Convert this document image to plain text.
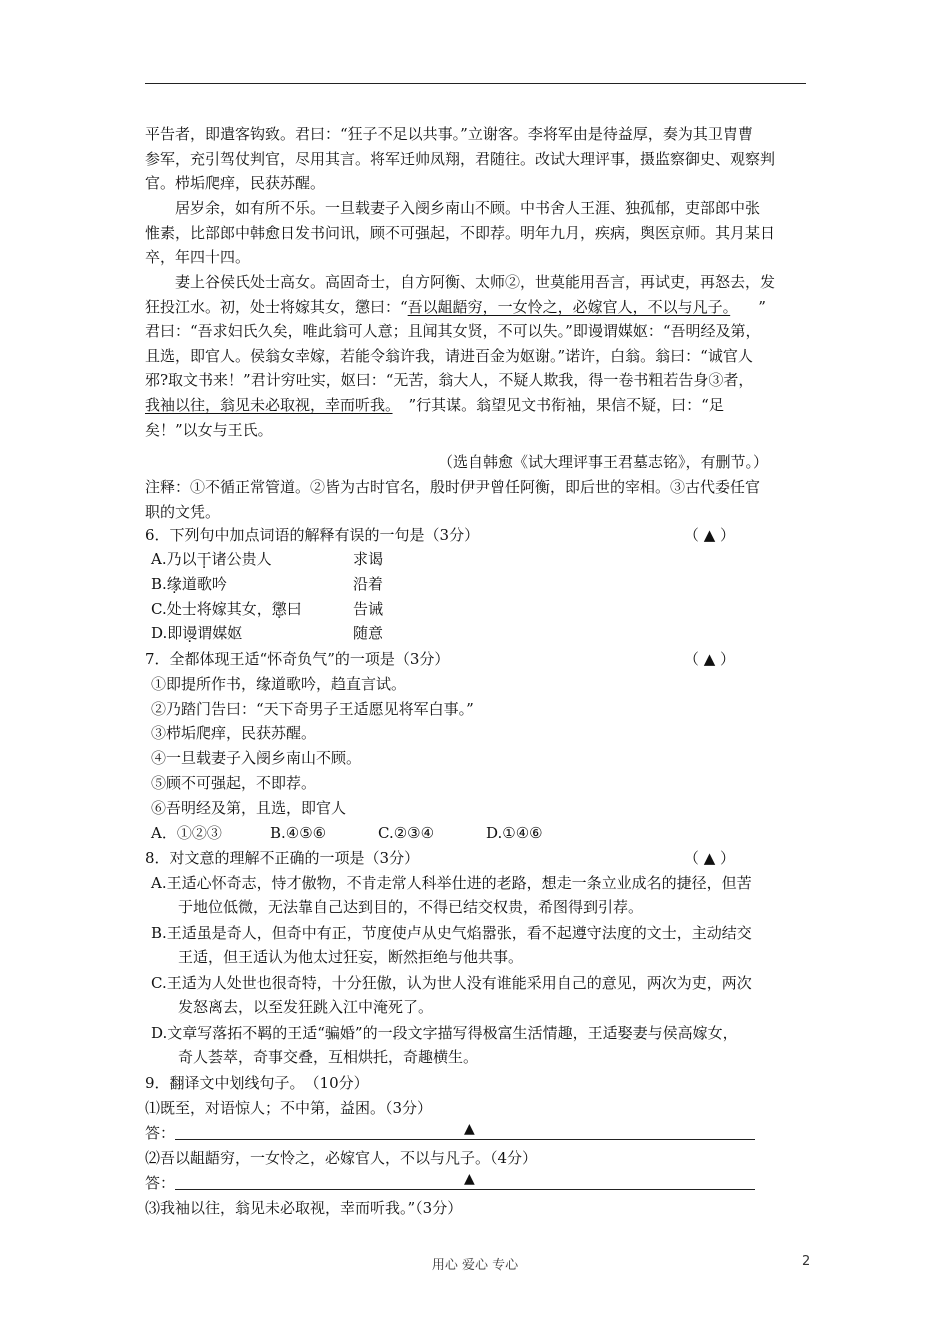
平告者，即遣客钩致。君曰：“狂子不足以共事。”立谢客。李将军由是待益厚，奏为其卫胄曹
参军，充引驾仗判官，尽用其言。将军迁帅凤翔，君随往。改试大理评事，摄监察御史、观察判
官。栉垢爬痒，民获苏醒。
居岁余，如有所不乐。一旦载妻子入阌乡南山不顾。中书舍人王涯、独孤郁，吏部郎中张
惟素，比部郎中韩愈日发书问讯，顾不可强起，不即荐。明年九月，疾病，舆医京师。其月某日
卒，年四十四。
妻上谷侯氏处士高女。高固奇士，自方阿衡、太师②，世莫能用吾言，再试吏，再怒去，发
狂投江水。初，处士将嫁其女，懲曰：“吾以龃龉穷，一女怜之，必嫁官人，不以与凡子。 ”
君曰：“吾求妇氏久矣，唯此翁可人意；且闻其女贤，不可以失。”即谩谓媒妪：“吾明经及第，
且选，即官人。侯翁女幸嫁，若能令翁许我，请进百金为妪谢。”诺许，白翁。翁曰：“诚官人
邪?取文书来！”君计穷吐实，妪曰：“无苦，翁大人，不疑人欺我，得一卷书粗若告身③者，
我袖以往，翁见未必取视，幸而听我。 ”行其谋。翁望见文书衔袖，果信不疑，曰：“足
矣！”以女与王氏。
（选自韩愈《试大理评事王君墓志铭》，有删节。）
注释：①不循正常管道。②皆为古时官名，殷时伊尹曾任阿衡，即后世的宰相。③古代委任官
职的文凭。
6．下列句中加点词语的解释有误的一句是（3分）	（ ▲ ）
A.乃以干诸公贵人	求谒
B.缘道歌吟	沿着
C.处士将嫁其女，懲曰	告诫
D.即谩谓媒妪	随意
7．全都体现王适“怀奇负气”的一项是（3分）	（ ▲ ）
①即提所作书，缘道歌吟，趋直言试。
②乃踏门告曰：“天下奇男子王适愿见将军白事。”
③栉垢爬痒，民获苏醒。
④一旦载妻子入阌乡南山不顾。
⑤顾不可强起，不即荐。
⑥吾明经及第，且选，即官人
A．①②③	B.④⑤⑥	C.②③④	D.①④⑥
8．对文意的理解不正确的一项是（3分）	（ ▲ ）
A.王适心怀奇志，恃才傲物，不肯走常人科举仕进的老路，想走一条立业成名的捷径，但苦
于地位低微，无法靠自己达到目的，不得已结交权贵，希图得到引荐。
B.王适虽是奇人，但奇中有正，节度使卢从史气焰嚣张，看不起遵守法度的文士，主动结交
王适，但王适认为他太过狂妄，断然拒绝与他共事。
C.王适为人处世也很奇特，十分狂傲，认为世人没有谁能采用自己的意见，两次为吏，两次
发怒离去，以至发狂跳入江中淹死了。
D.文章写落拓不羁的王适“骗婚”的一段文字描写得极富生活情趣，王适娶妻与侯高嫁女，
奇人荟萃，奇事交叠，互相烘托，奇趣横生。
9．翻译文中划线句子。　（10分）
⑴既至，对语惊人；不中第，益困。（3分）
答：	▲
⑵吾以龃龉穷，一女怜之，必嫁官人，不以与凡子。（4分）
答：	▲
⑶我袖以往，翁见未必取视，幸而听我。”（3分）
用心 爱心 专心	2
